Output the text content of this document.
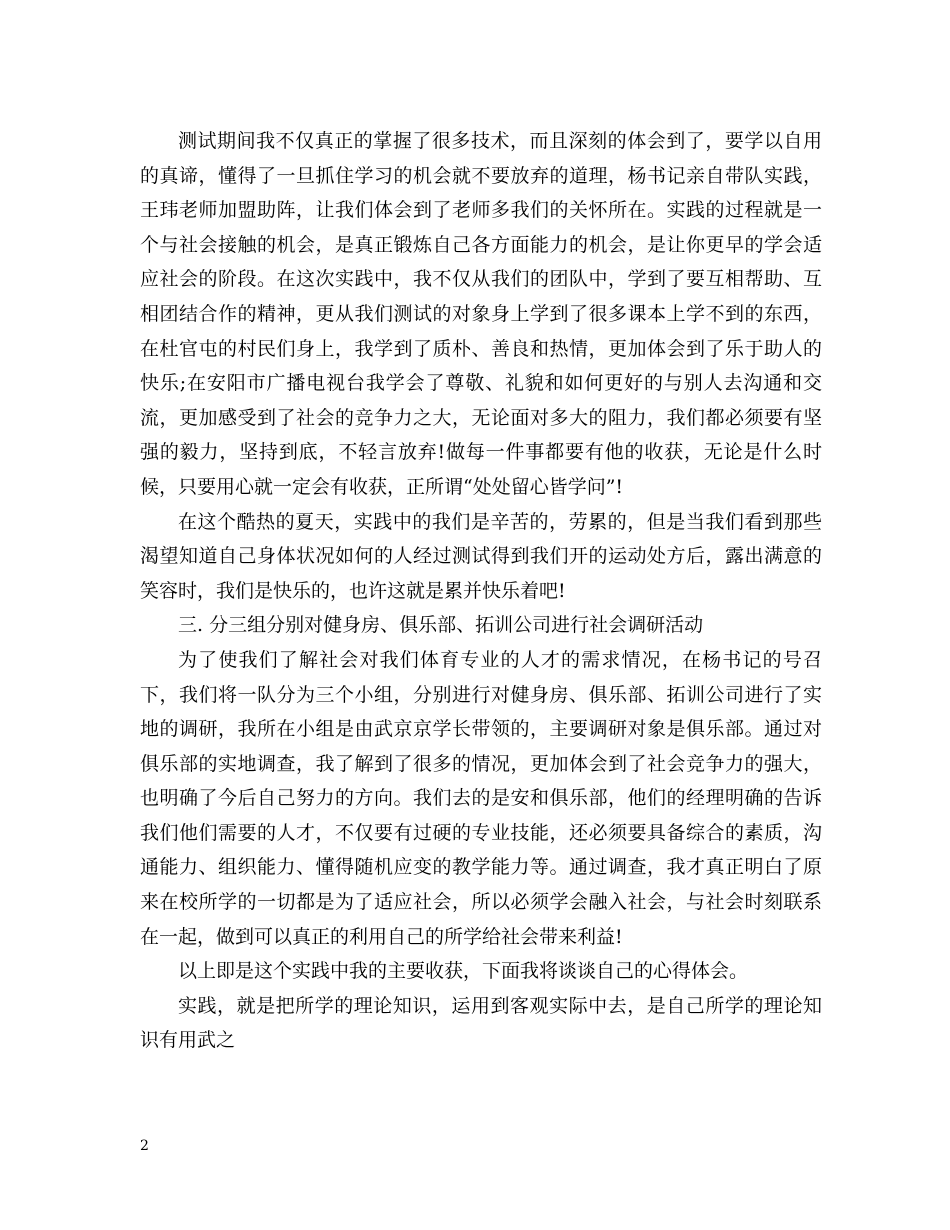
测试期间我不仅真正的掌握了很多技术，而且深刻的体会到了，要学以自用的真谛，懂得了一旦抓住学习的机会就不要放弃的道理，杨书记亲自带队实践，王玮老师加盟助阵，让我们体会到了老师多我们的关怀所在。实践的过程就是一个与社会接触的机会，是真正锻炼自己各方面能力的机会，是让你更早的学会适应社会的阶段。在这次实践中，我不仅从我们的团队中，学到了要互相帮助、互相团结合作的精神，更从我们测试的对象身上学到了很多课本上学不到的东西，在杜官屯的村民们身上，我学到了质朴、善良和热情，更加体会到了乐于助人的快乐;在安阳市广播电视台我学会了尊敬、礼貌和如何更好的与别人去沟通和交流，更加感受到了社会的竞争力之大，无论面对多大的阻力，我们都必须要有坚强的毅力，坚持到底，不轻言放弃!做每一件事都要有他的收获，无论是什么时候，只要用心就一定会有收获，正所谓“处处留心皆学问”!

在这个酷热的夏天，实践中的我们是辛苦的，劳累的，但是当我们看到那些渴望知道自己身体状况如何的人经过测试得到我们开的运动处方后，露出满意的笑容时，我们是快乐的，也许这就是累并快乐着吧!

三. 分三组分别对健身房、俱乐部、拓训公司进行社会调研活动

为了使我们了解社会对我们体育专业的人才的需求情况，在杨书记的号召下，我们将一队分为三个小组，分别进行对健身房、俱乐部、拓训公司进行了实地的调研，我所在小组是由武京京学长带领的，主要调研对象是俱乐部。通过对俱乐部的实地调查，我了解到了很多的情况，更加体会到了社会竞争力的强大，也明确了今后自己努力的方向。我们去的是安和俱乐部，他们的经理明确的告诉我们他们需要的人才，不仅要有过硬的专业技能，还必须要具备综合的素质，沟通能力、组织能力、懂得随机应变的教学能力等。通过调查，我才真正明白了原来在校所学的一切都是为了适应社会，所以必须学会融入社会，与社会时刻联系在一起，做到可以真正的利用自己的所学给社会带来利益!

以上即是这个实践中我的主要收获，下面我将谈谈自己的心得体会。

实践，就是把所学的理论知识，运用到客观实际中去，是自己所学的理论知识有用武之

2
